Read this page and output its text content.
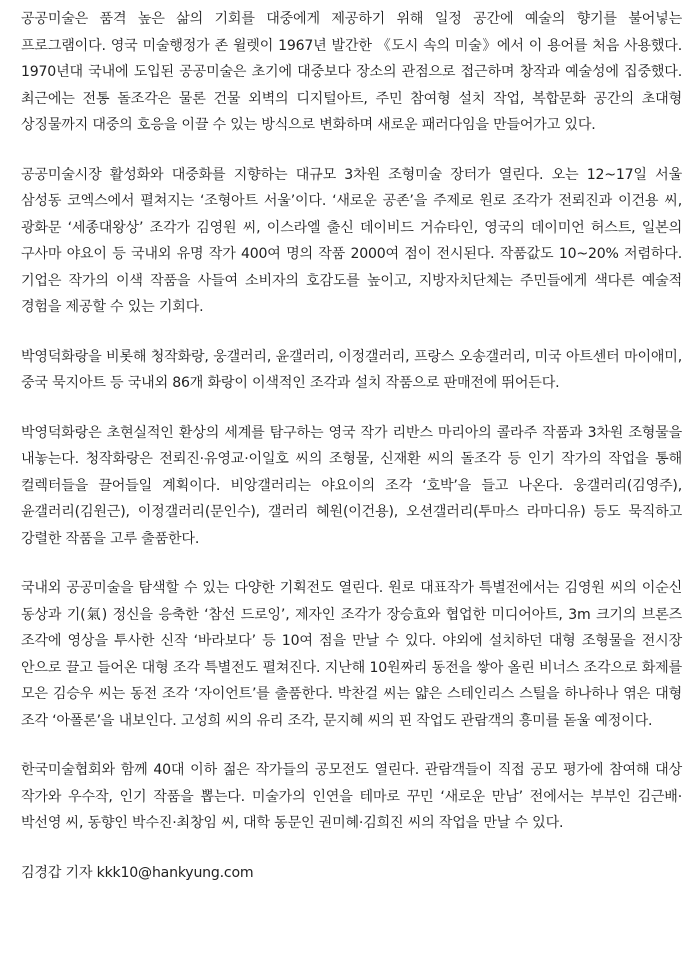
공공미술은 품격 높은 삶의 기회를 대중에게 제공하기 위해 일정 공간에 예술의 향기를 불어넣는 프로그램이다. 영국 미술행정가 존 윌렛이 1967년 발간한 《도시 속의 미술》에서 이 용어를 처음 사용했다. 1970년대 국내에 도입된 공공미술은 초기에 대중보다 장소의 관점으로 접근하며 창작과 예술성에 집중했다. 최근에는 전통 돌조각은 물론 건물 외벽의 디지털아트, 주민 참여형 설치 작업, 복합문화 공간의 초대형 상징물까지 대중의 호응을 이끌 수 있는 방식으로 변화하며 새로운 패러다임을 만들어가고 있다.

공공미술시장 활성화와 대중화를 지향하는 대규모 3차원 조형미술 장터가 열린다. 오는 12~17일 서울 삼성동 코엑스에서 펼쳐지는 ‘조형아트 서울’이다. ‘새로운 공존’을 주제로 원로 조각가 전뢰진과 이건용 씨, 광화문 ‘세종대왕상’ 조각가 김영원 씨, 이스라엘 출신 데이비드 거슈타인, 영국의 데이미언 허스트, 일본의 구사마 야요이 등 국내외 유명 작가 400여 명의 작품 2000여 점이 전시된다. 작품값도 10~20% 저렴하다. 기업은 작가의 이색 작품을 사들여 소비자의 호감도를 높이고, 지방자치단체는 주민들에게 색다른 예술적 경험을 제공할 수 있는 기회다.

박영덕화랑을 비롯해 청작화랑, 웅갤러리, 윤갤러리, 이정갤러리, 프랑스 오송갤러리, 미국 아트센터 마이애미, 중국 묵지아트 등 국내외 86개 화랑이 이색적인 조각과 설치 작품으로 판매전에 뛰어든다.

박영덕화랑은 초현실적인 환상의 세계를 탐구하는 영국 작가 리반스 마리아의 콜라주 작품과 3차원 조형물을 내놓는다. 청작화랑은 전뢰진·유영교·이일호 씨의 조형물, 신재환 씨의 돌조각 등 인기 작가의 작업을 통해 컬렉터들을 끌어들일 계획이다. 비앙갤러리는 야요이의 조각 ‘호박’을 들고 나온다. 웅갤러리(김영주), 윤갤러리(김원근), 이정갤러리(문인수), 갤러리 혜원(이건용), 오션갤러리(투마스 라마디유) 등도 묵직하고 강렬한 작품을 고루 출품한다.

국내외 공공미술을 탐색할 수 있는 다양한 기획전도 열린다. 원로 대표작가 특별전에서는 김영원 씨의 이순신 동상과 기(氣) 정신을 응축한 ‘참선 드로잉’, 제자인 조각가 장승효와 협업한 미디어아트, 3m 크기의 브론즈 조각에 영상을 투사한 신작 ‘바라보다’ 등 10여 점을 만날 수 있다. 야외에 설치하던 대형 조형물을 전시장 안으로 끌고 들어온 대형 조각 특별전도 펼쳐진다. 지난해 10원짜리 동전을 쌓아 올린 비너스 조각으로 화제를 모은 김승우 씨는 동전 조각 ‘자이언트’를 출품한다. 박찬걸 씨는 얇은 스테인리스 스틸을 하나하나 엮은 대형 조각 ‘아폴론’을 내보인다. 고성희 씨의 유리 조각, 문지혜 씨의 핀 작업도 관람객의 흥미를 돋울 예정이다.

한국미술협회와 함께 40대 이하 젊은 작가들의 공모전도 열린다. 관람객들이 직접 공모 평가에 참여해 대상 작가와 우수작, 인기 작품을 뽑는다. 미술가의 인연을 테마로 꾸민 ‘새로운 만남’ 전에서는 부부인 김근배·박선영 씨, 동향인 박수진·최창임 씨, 대학 동문인 권미혜·김희진 씨의 작업을 만날 수 있다.

김경갑 기자 kkk10@hankyung.com
